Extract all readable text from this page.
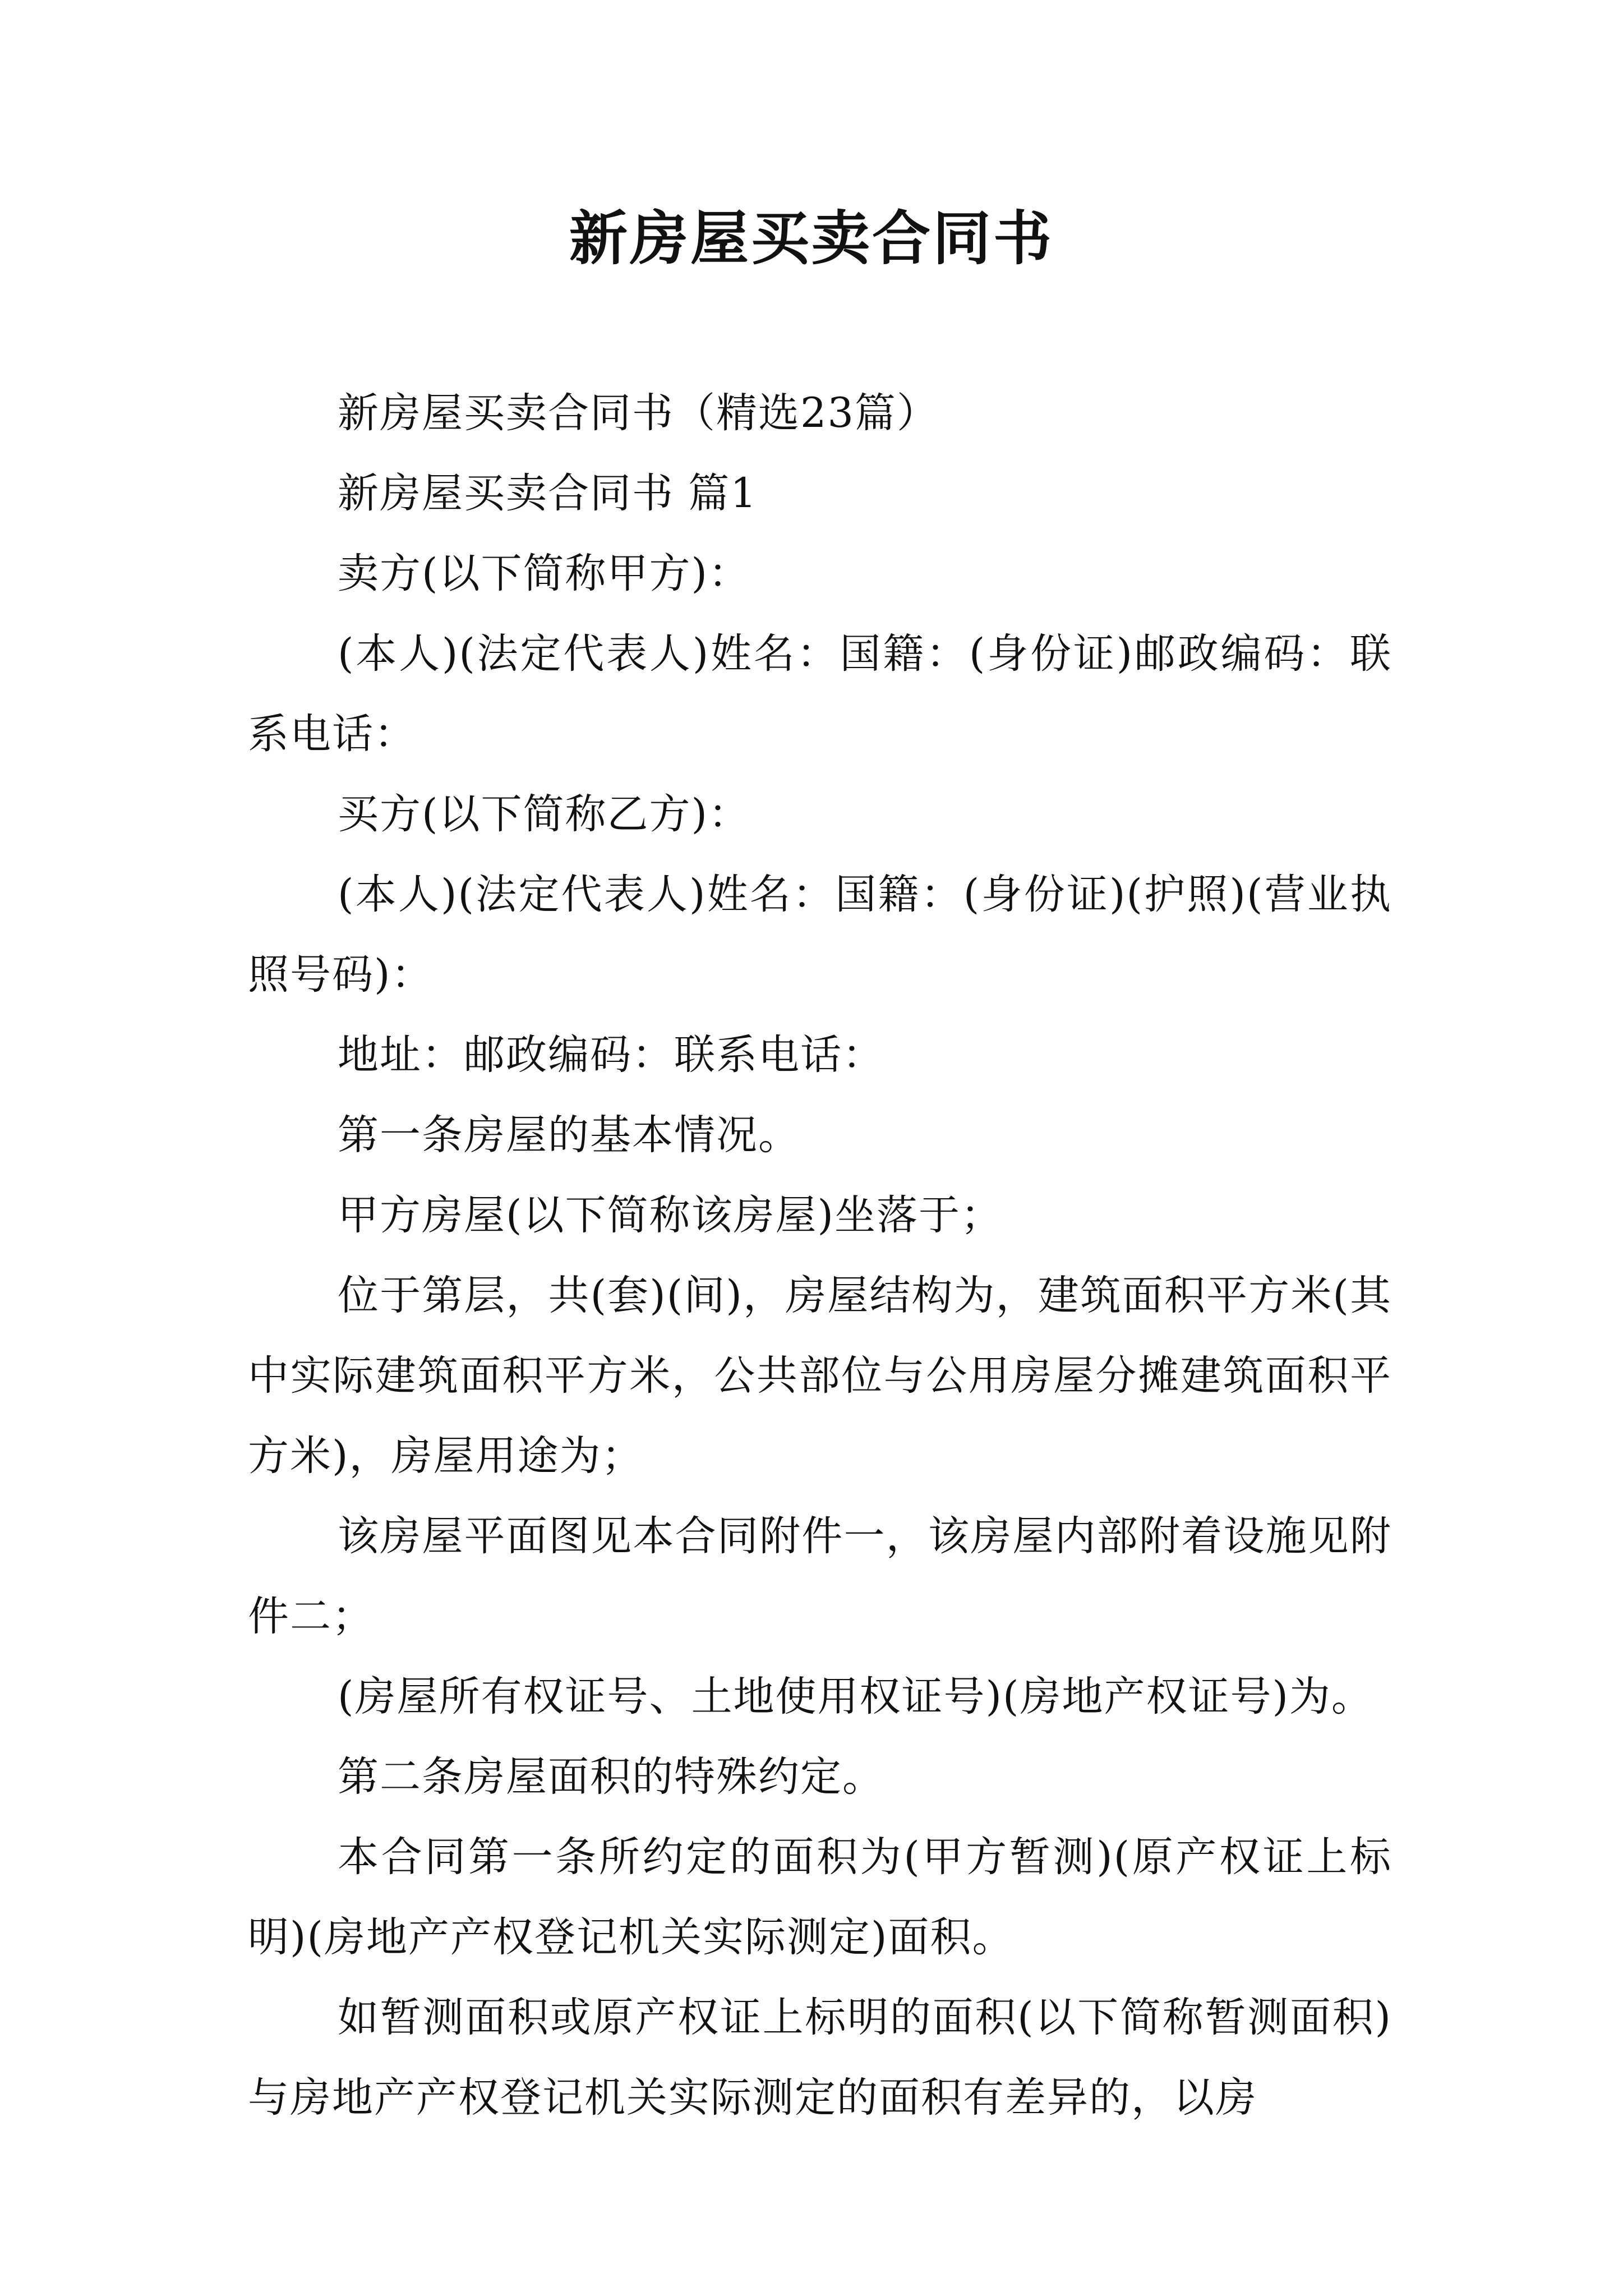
新房屋买卖合同书

新房屋买卖合同书（精选23篇）

新房屋买卖合同书 篇1

卖方(以下简称甲方)：

(本人)(法定代表人)姓名：国籍：(身份证)邮政编码：联系电话：

买方(以下简称乙方)：

(本人)(法定代表人)姓名：国籍：(身份证)(护照)(营业执照号码)：

地址：邮政编码：联系电话：

第一条房屋的基本情况。

甲方房屋(以下简称该房屋)坐落于；

位于第层，共(套)(间)，房屋结构为，建筑面积平方米(其中实际建筑面积平方米，公共部位与公用房屋分摊建筑面积平方米)，房屋用途为；

该房屋平面图见本合同附件一，该房屋内部附着设施见附件二；

(房屋所有权证号、土地使用权证号)(房地产权证号)为。

第二条房屋面积的特殊约定。

本合同第一条所约定的面积为(甲方暂测)(原产权证上标明)(房地产产权登记机关实际测定)面积。

如暂测面积或原产权证上标明的面积(以下简称暂测面积)与房地产产权登记机关实际测定的面积有差异的，以房
